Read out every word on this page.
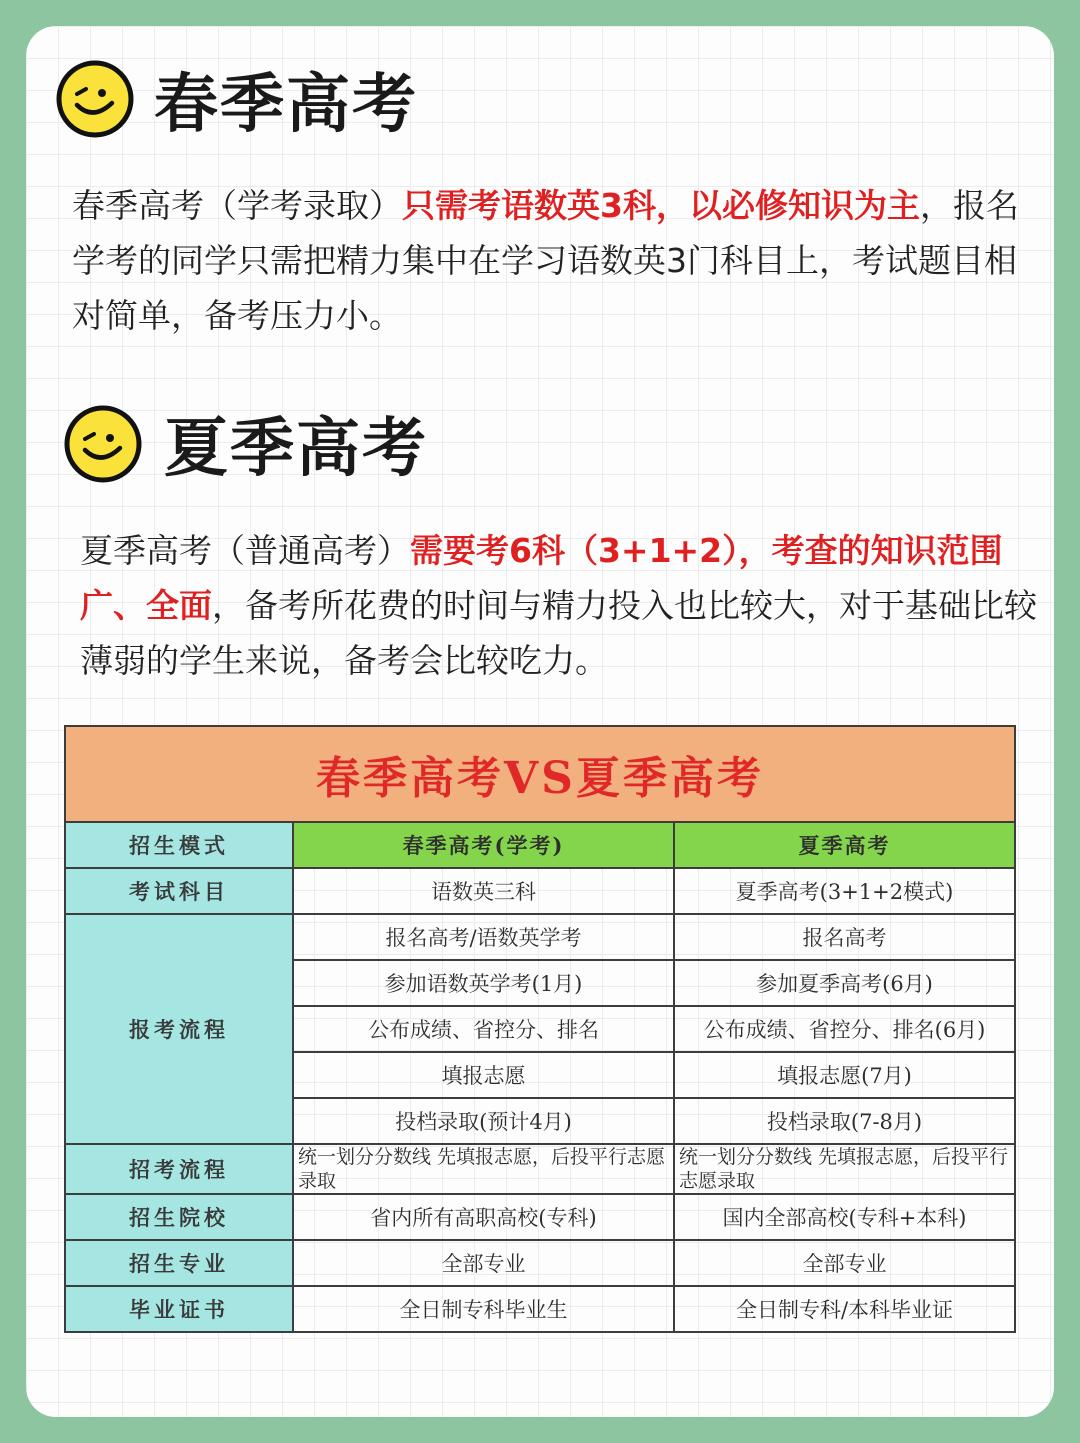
春季高考

春季高考（学考录取）只需考语数英3科，以必修知识为主，报名学考的同学只需把精力集中在学习语数英3门科目上，考试题目相对简单，备考压力小。

夏季高考

夏季高考（普通高考）需要考6科（3+1+2），考查的知识范围广、全面，备考所花费的时间与精力投入也比较大，对于基础比较薄弱的学生来说，备考会比较吃力。

春季高考VS夏季高考		
招生模式	春季高考(学考)	夏季高考
考试科目	语数英三科	夏季高考(3+1+2模式)
报考流程	报名高考/语数英学考	报名高考
	参加语数英学考(1月)	参加夏季高考(6月)
	公布成绩、省控分、排名	公布成绩、省控分、排名(6月)
	填报志愿	填报志愿(7月)
	投档录取(预计4月)	投档录取(7-8月)
招考流程	统一划分分数线 先填报志愿，后投平行志愿录取	统一划分分数线 先填报志愿，后投平行志愿录取
招生院校	省内所有高职高校(专科)	国内全部高校(专科+本科)
招生专业	全部专业	全部专业
毕业证书	全日制专科毕业生	全日制专科/本科毕业证
